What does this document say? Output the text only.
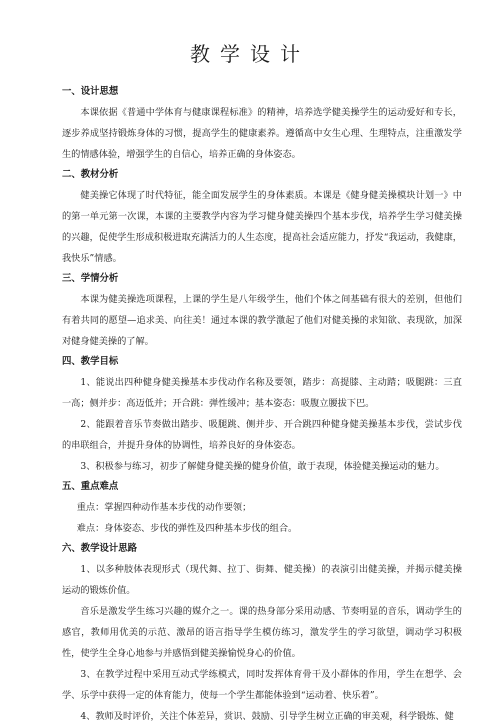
教学设计
一、设计思想
本课依据《普通中学体育与健康课程标准》的精神，培养选学健美操学生的运动爱好和专长，逐步养成坚持锻炼身体的习惯，提高学生的健康素养。遵循高中女生心理、生理特点，注重激发学生的情感体验，增强学生的自信心，培养正确的身体姿态。
二、教材分析
健美操它体现了时代特征，能全面发展学生的身体素质。本课是《健身健美操模块计划一》中的第一单元第一次课，本课的主要教学内容为学习健身健美操四个基本步伐，培养学生学习健美操的兴趣，促使学生形成积极进取充满活力的人生态度，提高社会适应能力，抒发“我运动，我健康，我快乐”情感。
三、学情分析
本课为健美操选项课程，上课的学生是八年级学生，他们个体之间基础有很大的差别，但他们有着共同的愿望—追求美、向往美！通过本课的教学激起了他们对健美操的求知欲、表现欲，加深对健身健美操的了解。
四、教学目标
1、能说出四种健身健美操基本步伐动作名称及要领，踏步：高提膝、主动踏；吸腿跳：三直一高；侧并步：高迈低并；开合跳：弹性缓冲；基本姿态：吸腹立腰拔下巴。
2、能跟着音乐节奏做出踏步、吸腿跳、侧并步、开合跳四种健身健美操基本步伐，尝试步伐的串联组合，并提升身体的协调性，培养良好的身体姿态。
3、积极参与练习，初步了解健身健美操的健身价值，敢于表现，体验健美操运动的魅力。
五、重点难点
重点：掌握四种动作基本步伐的动作要领；
难点：身体姿态、步伐的弹性及四种基本步伐的组合。
六、教学设计思路
1、以多种肢体表现形式（现代舞、拉丁、街舞、健美操）的表演引出健美操，并揭示健美操运动的锻炼价值。
音乐是激发学生练习兴趣的媒介之一。课的热身部分采用动感、节奏明显的音乐，调动学生的感官，教师用优美的示范、激昂的语言指导学生模仿练习，激发学生的学习欲望，调动学习积极性，使学生全身心地参与并感悟到健美操愉悦身心的价值。
3、在教学过程中采用互动式学练模式，同时发挥体育骨干及小群体的作用，学生在想学、会学、乐学中获得一定的体育能力，使每一个学生都能体验到“运动着、快乐着”。
4、教师及时评价，关注个体差异，赏识、鼓励、引导学生树立正确的审美观，科学锻炼、健
